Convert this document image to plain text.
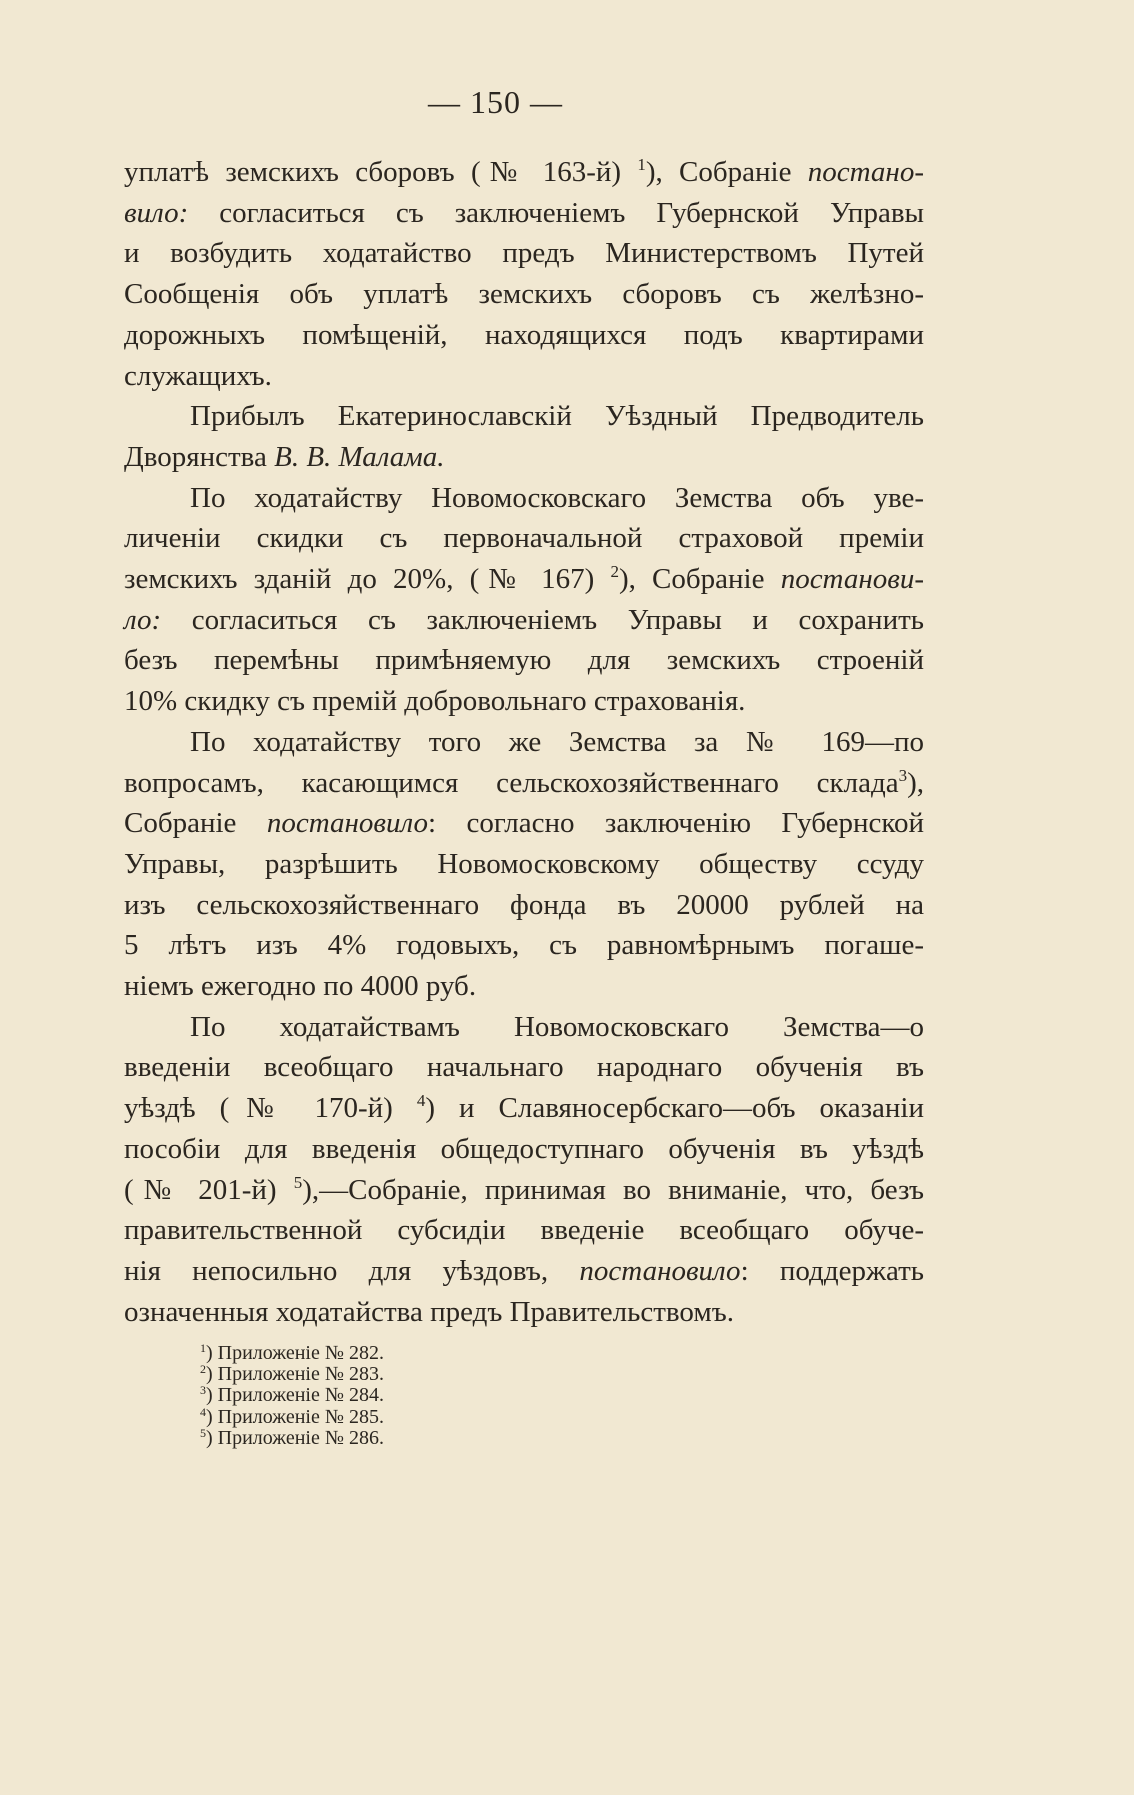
— 150 —
уплатѣ земскихъ сборовъ (№ 163-й) $^1$), Собраніе постано-
вило: согласиться съ заключеніемъ Губернской Управы
и возбудить ходатайство предъ Министерствомъ Путей
Сообщенія объ уплатѣ земскихъ сборовъ съ желѣзно-
дорожныхъ помѣщеній, находящихся подъ квартирами
служащихъ.
Прибылъ Екатеринославскій Уѣздный Предводитель
Дворянства В. В. Малама.
По ходатайству Новомосковскаго Земства объ уве-
личеніи скидки съ первоначальной страховой преміи
земскихъ зданій до 20%, (№ 167) $^2$), Собраніе постанови-
ло: согласиться съ заключеніемъ Управы и сохранить
безъ перемѣны примѣняемую для земскихъ строеній
10% скидку съ премій добровольнаго страхованія.
По ходатайству того же Земства за № 169—по
вопросамъ, касающимся сельскохозяйственнаго склада$^3$),
Собраніе постановило: согласно заключенію Губернской
Управы, разрѣшить Новомосковскому обществу ссуду
изъ сельскохозяйственнаго фонда въ 20000 рублей на
5 лѣтъ изъ 4% годовыхъ, съ равномѣрнымъ погаше-
ніемъ ежегодно по 4000 руб.
По ходатайствамъ Новомосковскаго Земства—о
введеніи всеобщаго начальнаго народнаго обученія въ
уѣздѣ (№ 170-й) $^4$) и Славяносербскаго—объ оказаніи
пособіи для введенія общедоступнаго обученія въ уѣздѣ
(№ 201-й) $^5$),—Собраніе, принимая во вниманіе, что, безъ
правительственной субсидіи введеніе всеобщаго обуче-
нія непосильно для уѣздовъ, постановило: поддержать
означенныя ходатайства предъ Правительствомъ.
$^1$) Приложеніе № 282.
$^2$) Приложеніе № 283.
$^3$) Приложеніе № 284.
$^4$) Приложеніе № 285.
$^5$) Приложеніе № 286.
